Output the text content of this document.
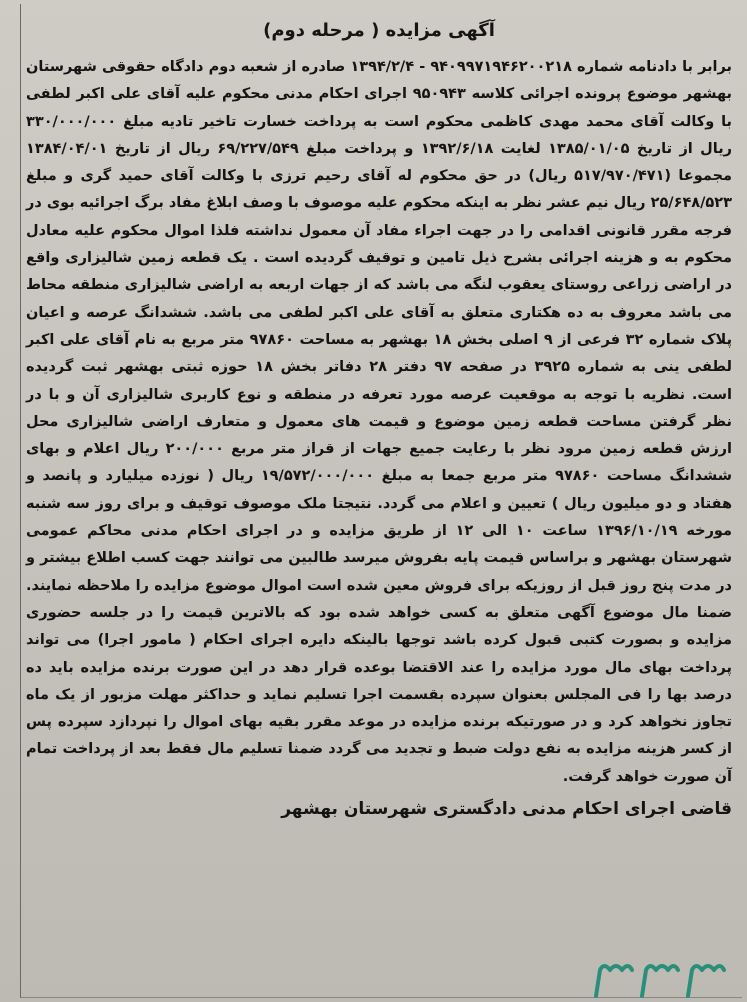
آگهی مزایده ( مرحله دوم)

برابر با دادنامه شماره ۹۴۰۹۹۷۱۹۴۶۲۰۰۲۱۸ - ۱۳۹۴/۲/۴ صادره از شعبه دوم دادگاه حقوقی شهرستان بهشهر موضوع پرونده اجرائی کلاسه ۹۵۰۹۴۳ اجرای احکام مدنی محکوم علیه آقای علی اکبر لطفی با وکالت آقای محمد مهدی کاظمی محکوم است به پرداخت خسارت تاخیر تادیه مبلغ ۳۳۰/۰۰۰/۰۰۰ ریال از تاریخ ۱۳۸۵/۰۱/۰۵ لغایت ۱۳۹۲/۶/۱۸ و پرداخت مبلغ ۶۹/۲۲۷/۵۴۹ ریال از تاریخ ۱۳۸۴/۰۴/۰۱ مجموعا (۵۱۷/۹۷۰/۴۷۱ ریال) در حق محکوم له آقای رحیم ترزی با وکالت آقای حمید گری و مبلغ ۲۵/۶۴۸/۵۲۳ ریال نیم عشر نظر به اینکه محکوم علیه موصوف با وصف ابلاغ مفاد برگ اجرائیه بوی در فرجه مقرر قانونی اقدامی را در جهت اجراء مفاد آن معمول نداشته فلذا اموال محکوم علیه معادل محکوم به و هزینه اجرائی بشرح ذیل تامین و توقیف گردیده است . یک قطعه زمین شالیزاری واقع در اراضی زراعی روستای یعقوب لنگه می باشد که از جهات اربعه به اراضی شالیزاری منطقه محاط می باشد معروف به ده هکتاری متعلق به آقای علی اکبر لطفی می باشد. ششدانگ عرصه و اعیان پلاک شماره ۳۲ فرعی از ۹ اصلی بخش ۱۸ بهشهر به مساحت ۹۷۸۶۰ متر مربع به نام آقای علی اکبر لطفی ینی به شماره ۳۹۲۵ در صفحه ۹۷ دفتر ۲۸ دفاتر بخش ۱۸ حوزه ثبتی بهشهر ثبت گردیده است. نظریه با توجه به موقعیت عرصه مورد تعرفه در منطقه و نوع کاربری شالیزاری آن و با در نظر گرفتن مساحت قطعه زمین موضوع و قیمت های معمول و متعارف اراضی شالیزاری محل ارزش قطعه زمین مرود نظر با رعایت جمیع جهات از قراز متر مربع ۲۰۰/۰۰۰ ریال اعلام و بهای ششدانگ مساحت ۹۷۸۶۰ متر مربع جمعا به مبلغ ۱۹/۵۷۲/۰۰۰/۰۰۰ ریال ( نوزده میلیارد و پانصد و هفتاد و دو میلیون ریال ) تعیین و اعلام می گردد. نتیجتا ملک موصوف توقیف و برای روز سه شنبه مورخه ۱۳۹۶/۱۰/۱۹ ساعت ۱۰ الی ۱۲ از طریق مزایده و در اجرای احکام مدنی محاکم عمومی شهرستان بهشهر و براساس قیمت پایه بفروش میرسد طالبین می توانند جهت کسب اطلاع بیشتر و در مدت پنج روز قبل از روزیکه برای فروش معین شده است اموال موضوع مزایده را ملاحظه نمایند. ضمنا مال موضوع آگهی متعلق به کسی خواهد شده بود که بالاترین قیمت را در جلسه حضوری مزایده و بصورت کتبی قبول کرده باشد توجها بالینکه دایره اجرای احکام ( مامور اجرا) می تواند پرداخت بهای مال مورد مزایده را عند الاقتضا بوعده قرار دهد در این صورت برنده مزایده باید ده درصد بها را فی المجلس بعنوان سپرده بقسمت اجرا تسلیم نماید و حداکثر مهلت مزبور از یک ماه تجاوز نخواهد کرد و در صورتیکه برنده مزایده در موعد مقرر بقیه بهای اموال را نپردازد سپرده پس از کسر هزینه مزایده به نفع دولت ضبط و تجدید می گردد ضمنا تسلیم مال فقط بعد از پرداخت تمام آن صورت خواهد گرفت.

قاضی اجرای احکام مدنی دادگستری شهرستان بهشهر
